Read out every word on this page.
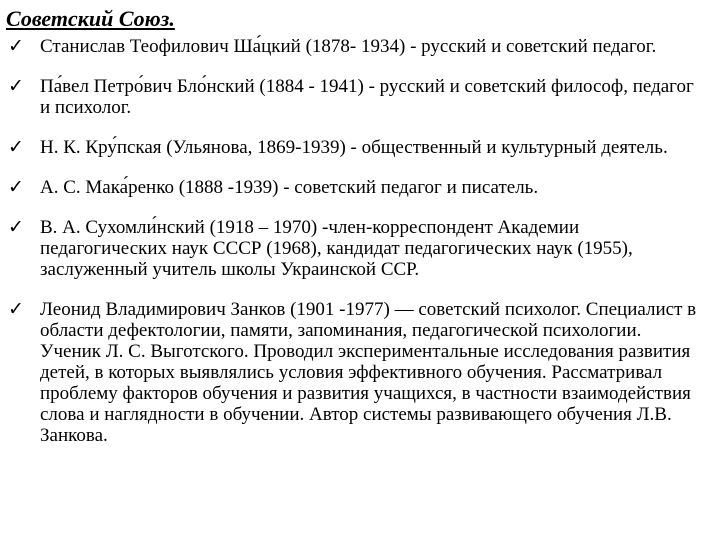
Советский Союз.
✓ Станислав Теофилович Ша́цкий (1878- 1934) - русский и советский педагог.
✓ Па́вел Петро́вич Бло́нский (1884 - 1941) - русский и советский философ, педагог и психолог.
✓ Н. К. Кру́пская (Ульянова, 1869-1939) - общественный и культурный деятель.
✓ А. С. Мака́ренко (1888 -1939) - советский педагог и писатель.
✓ В. А. Сухомли́нский (1918 – 1970) -член-корреспондент Академии педагогических наук СССР (1968), кандидат педагогических наук (1955), заслуженный учитель школы Украинской ССР.
✓ Леонид Владимирович Занков (1901 -1977) — советский психолог. Специалист в области дефектологии, памяти, запоминания, педагогической психологии. Ученик Л. С. Выготского. Проводил экспериментальные исследования развития детей, в которых выявлялись условия эффективного обучения. Рассматривал проблему факторов обучения и развития учащихся, в частности взаимодействия слова и наглядности в обучении. Автор системы развивающего обучения Л.В. Занкова.
